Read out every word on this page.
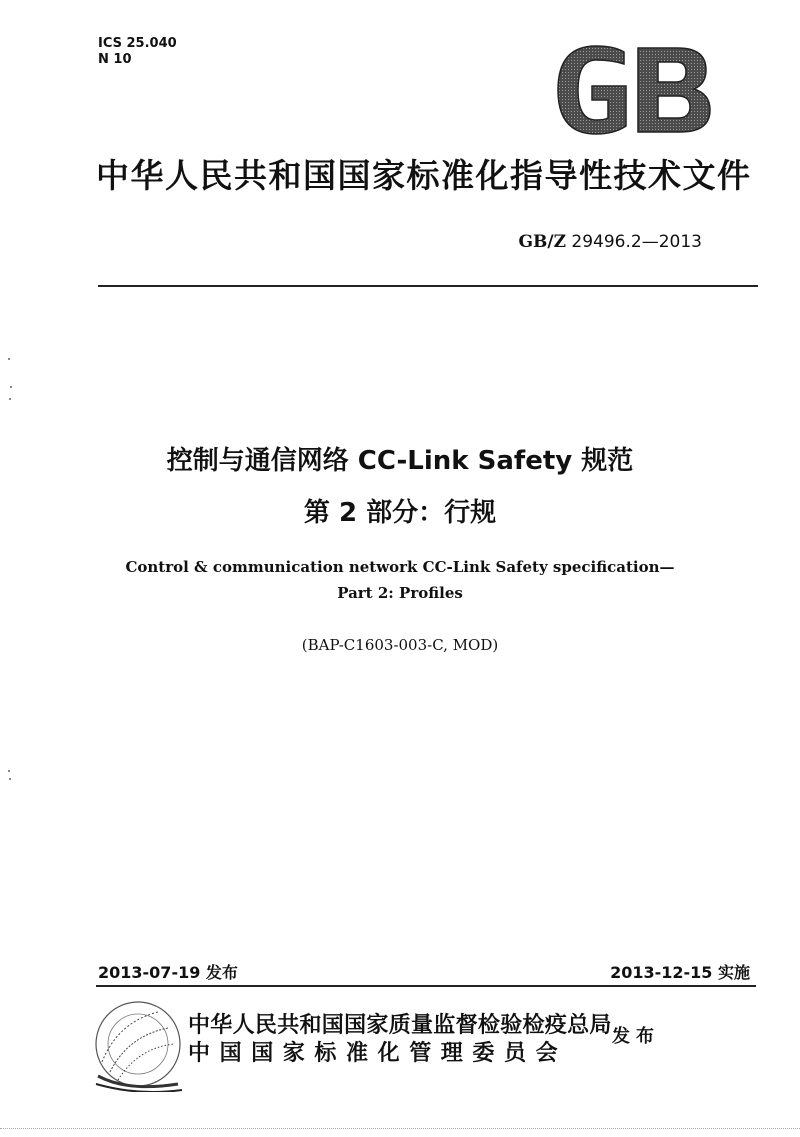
ICS 25.040
N 10
中华人民共和国国家标准化指导性技术文件
GB/Z 29496.2—2013
控制与通信网络 CC-Link Safety 规范
第 2 部分：行规
Control & communication network CC-Link Safety specification—
Part 2: Profiles
(BAP-C1603-003-C, MOD)
2013-07-19 发布	2013-12-15 实施
中华人民共和国国家质量监督检验检疫总局
中国国家标准化管理委员会
发布
